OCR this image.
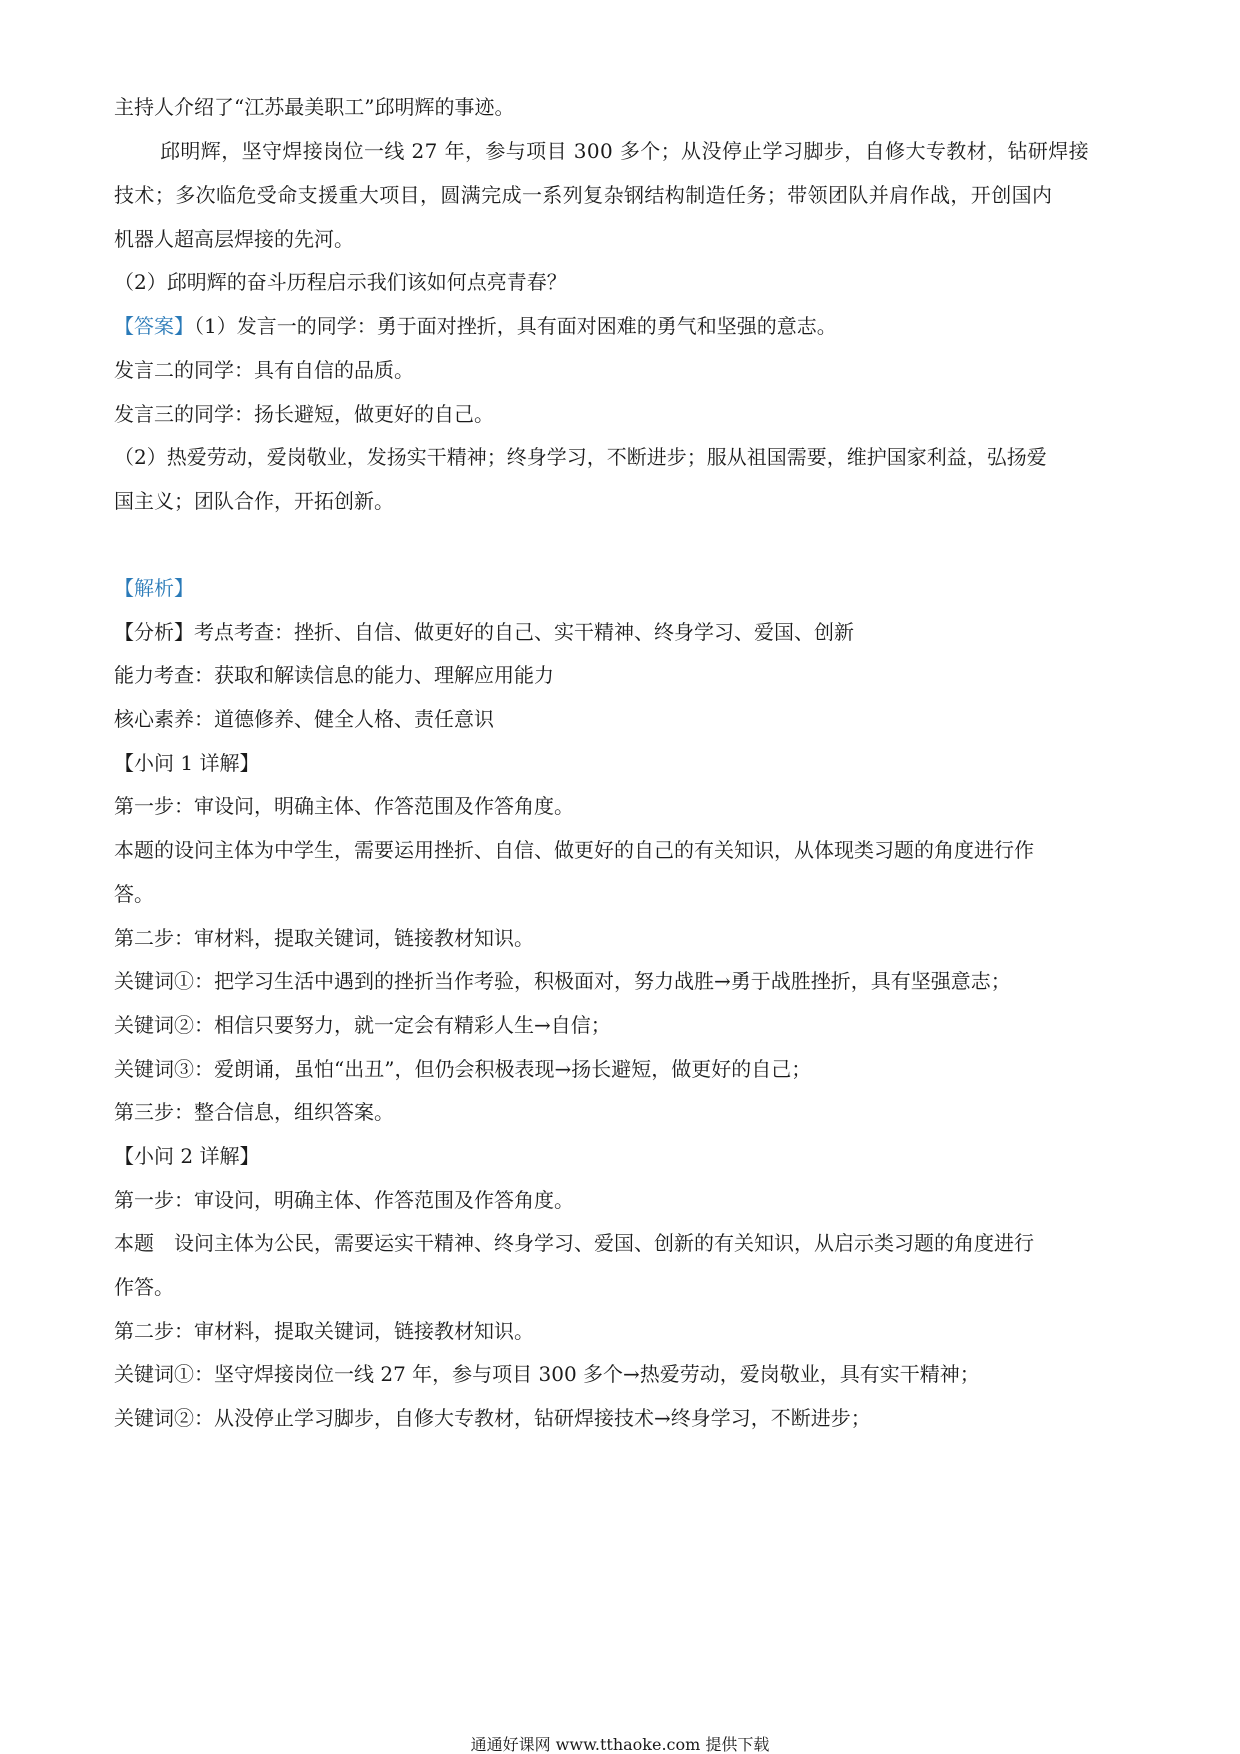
主持人介绍了“江苏最美职工”邱明辉的事迹。
邱明辉，坚守焊接岗位一线 27 年，参与项目 300 多个；从没停止学习脚步，自修大专教材，钻研焊接
技术；多次临危受命支援重大项目，圆满完成一系列复杂钢结构制造任务；带领团队并肩作战，开创国内
机器人超高层焊接的先河。
（2）邱明辉的奋斗历程启示我们该如何点亮青春？
【答案】（1）发言一的同学：勇于面对挫折，具有面对困难的勇气和坚强的意志。
发言二的同学：具有自信的品质。
发言三的同学：扬长避短，做更好的自己。
（2）热爱劳动，爱岗敬业，发扬实干精神；终身学习，不断进步；服从祖国需要，维护国家利益，弘扬爱
国主义；团队合作，开拓创新。
【解析】
【分析】考点考查：挫折、自信、做更好的自己、实干精神、终身学习、爱国、创新
能力考查：获取和解读信息的能力、理解应用能力
核心素养：道德修养、健全人格、责任意识
【小问 1 详解】
第一步：审设问，明确主体、作答范围及作答角度。
本题的设问主体为中学生，需要运用挫折、自信、做更好的自己的有关知识，从体现类习题的角度进行作
答。
第二步：审材料，提取关键词，链接教材知识。
关键词①：把学习生活中遇到的挫折当作考验，积极面对，努力战胜→勇于战胜挫折，具有坚强意志；
关键词②：相信只要努力，就一定会有精彩人生→自信；
关键词③：爱朗诵，虽怕“出丑”，但仍会积极表现→扬长避短，做更好的自己；
第三步：整合信息，组织答案。
【小问 2 详解】
第一步：审设问，明确主体、作答范围及作答角度。
本题　设问主体为公民，需要运实干精神、终身学习、爱国、创新的有关知识，从启示类习题的角度进行
作答。
第二步：审材料，提取关键词，链接教材知识。
关键词①：坚守焊接岗位一线 27 年，参与项目 300 多个→热爱劳动，爱岗敬业，具有实干精神；
关键词②：从没停止学习脚步，自修大专教材，钻研焊接技术→终身学习，不断进步；
通通好课网 www.tthaoke.com 提供下载
